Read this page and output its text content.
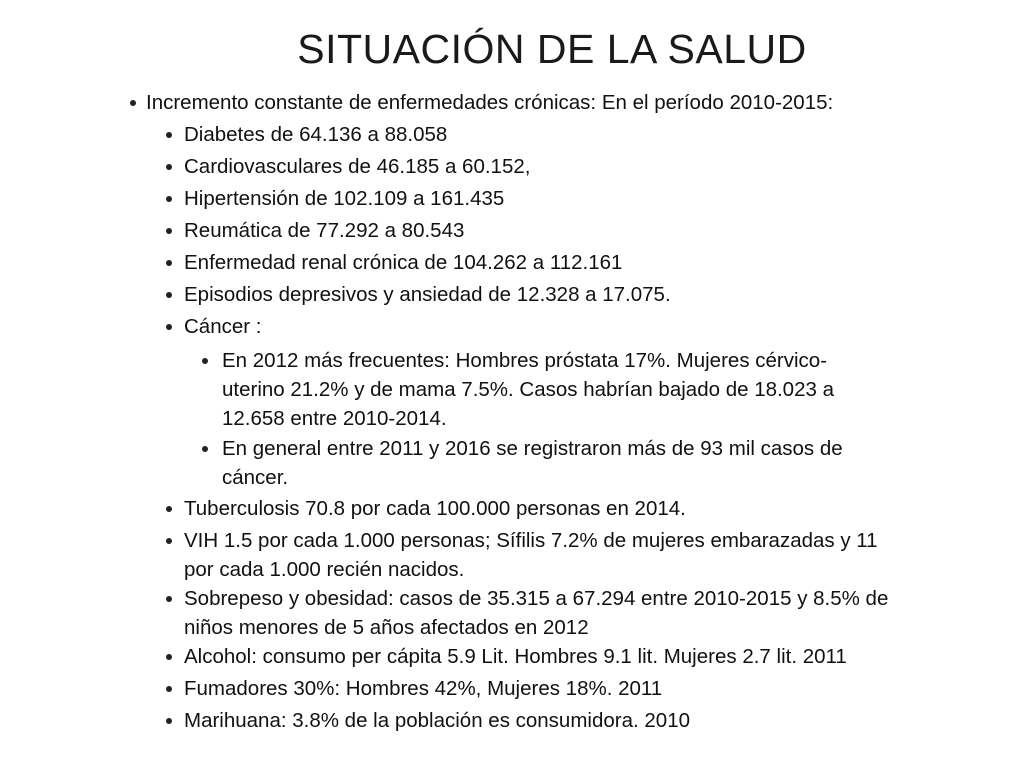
SITUACIÓN DE LA SALUD
Incremento constante de enfermedades crónicas: En el período 2010-2015:
Diabetes de 64.136 a 88.058
Cardiovasculares de 46.185 a 60.152,
Hipertensión de 102.109 a 161.435
Reumática de 77.292 a 80.543
Enfermedad renal crónica de 104.262 a 112.161
Episodios depresivos y ansiedad de 12.328 a 17.075.
Cáncer :
En 2012 más frecuentes: Hombres próstata 17%. Mujeres cérvico-
uterino 21.2% y de mama 7.5%. Casos habrían bajado de 18.023 a
12.658 entre 2010-2014.
En general entre 2011 y 2016 se registraron más de 93 mil casos de
cáncer.
Tuberculosis 70.8 por cada 100.000 personas en 2014.
VIH 1.5 por cada 1.000 personas; Sífilis 7.2% de mujeres embarazadas y 11
por cada 1.000 recién nacidos.
Sobrepeso y obesidad: casos de 35.315 a 67.294 entre 2010-2015 y 8.5% de
niños menores de 5 años afectados en 2012
Alcohol: consumo per cápita 5.9 Lit. Hombres 9.1 lit. Mujeres 2.7 lit. 2011
Fumadores 30%: Hombres 42%, Mujeres 18%. 2011
Marihuana: 3.8% de la población es consumidora. 2010
